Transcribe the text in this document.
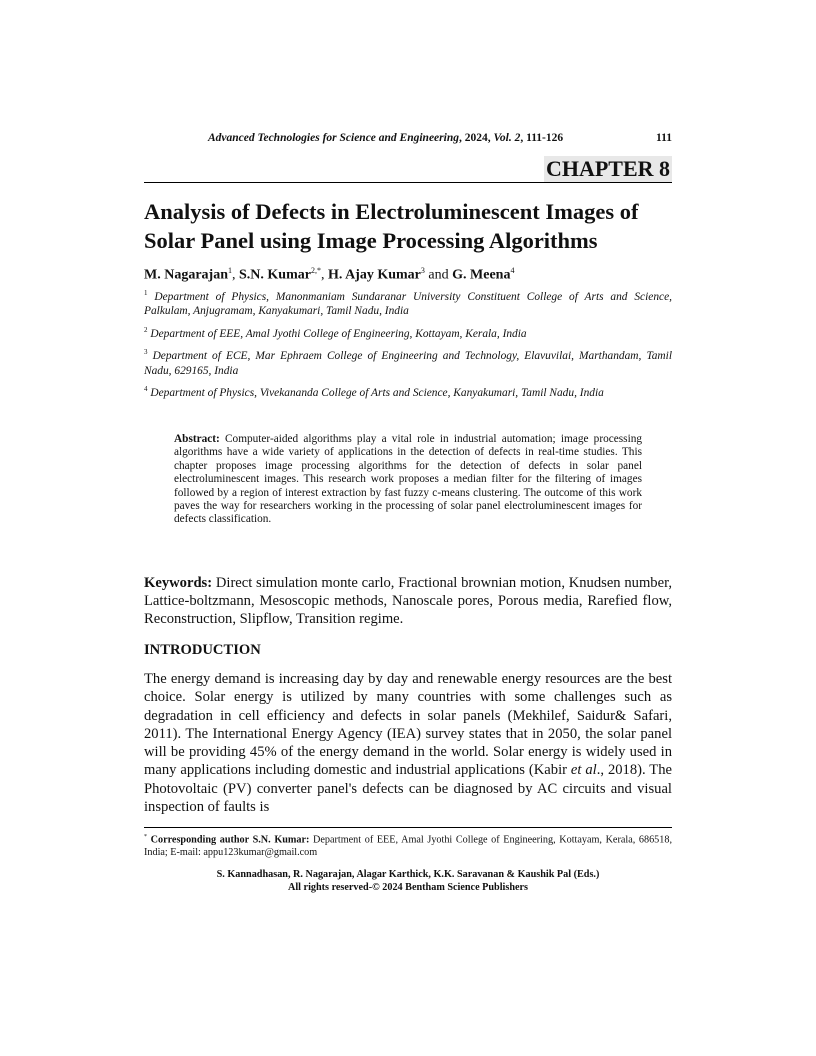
Advanced Technologies for Science and Engineering, 2024, Vol. 2, 111-126	111
CHAPTER 8
Analysis of Defects in Electroluminescent Images of Solar Panel using Image Processing Algorithms
M. Nagarajan$^1$, S.N. Kumar$^{2,*}$, H. Ajay Kumar$^3$ and G. Meena$^4$

$^1$ Department of Physics, Manonmaniam Sundaranar University Constituent College of Arts and Science, Palkulam, Anjugramam, Kanyakumari, Tamil Nadu, India

$^2$ Department of EEE, Amal Jyothi College of Engineering, Kottayam, Kerala, India

$^3$ Department of ECE, Mar Ephraem College of Engineering and Technology, Elavuvilai, Marthandam, Tamil Nadu, 629165, India

$^4$ Department of Physics, Vivekananda College of Arts and Science, Kanyakumari, Tamil Nadu, India

Abstract: Computer-aided algorithms play a vital role in industrial automation; image processing algorithms have a wide variety of applications in the detection of defects in real-time studies. This chapter proposes image processing algorithms for the detection of defects in solar panel electroluminescent images. This research work proposes a median filter for the filtering of images followed by a region of interest extraction by fast fuzzy c-means clustering. The outcome of this work paves the way for researchers working in the processing of solar panel electroluminescent images for defects classification.
Keywords: Direct simulation monte carlo, Fractional brownian motion, Knudsen number, Lattice-boltzmann, Mesoscopic methods, Nanoscale pores, Porous media, Rarefied flow, Reconstruction, Slipflow, Transition regime.
INTRODUCTION
The energy demand is increasing day by day and renewable energy resources are the best choice. Solar energy is utilized by many countries with some challenges such as degradation in cell efficiency and defects in solar panels (Mekhilef, Saidur& Safari, 2011). The International Energy Agency (IEA) survey states that in 2050, the solar panel will be providing 45% of the energy demand in the world. Solar energy is widely used in many applications including domestic and industrial applications (Kabir et al., 2018). The Photovoltaic (PV) converter panel's defects can be diagnosed by AC circuits and visual inspection of faults is
* Corresponding author S.N. Kumar: Department of EEE, Amal Jyothi College of Engineering, Kottayam, Kerala, 686518, India; E-mail: appu123kumar@gmail.com
S. Kannadhasan, R. Nagarajan, Alagar Karthick, K.K. Saravanan & Kaushik Pal (Eds.)
All rights reserved-© 2024 Bentham Science Publishers
